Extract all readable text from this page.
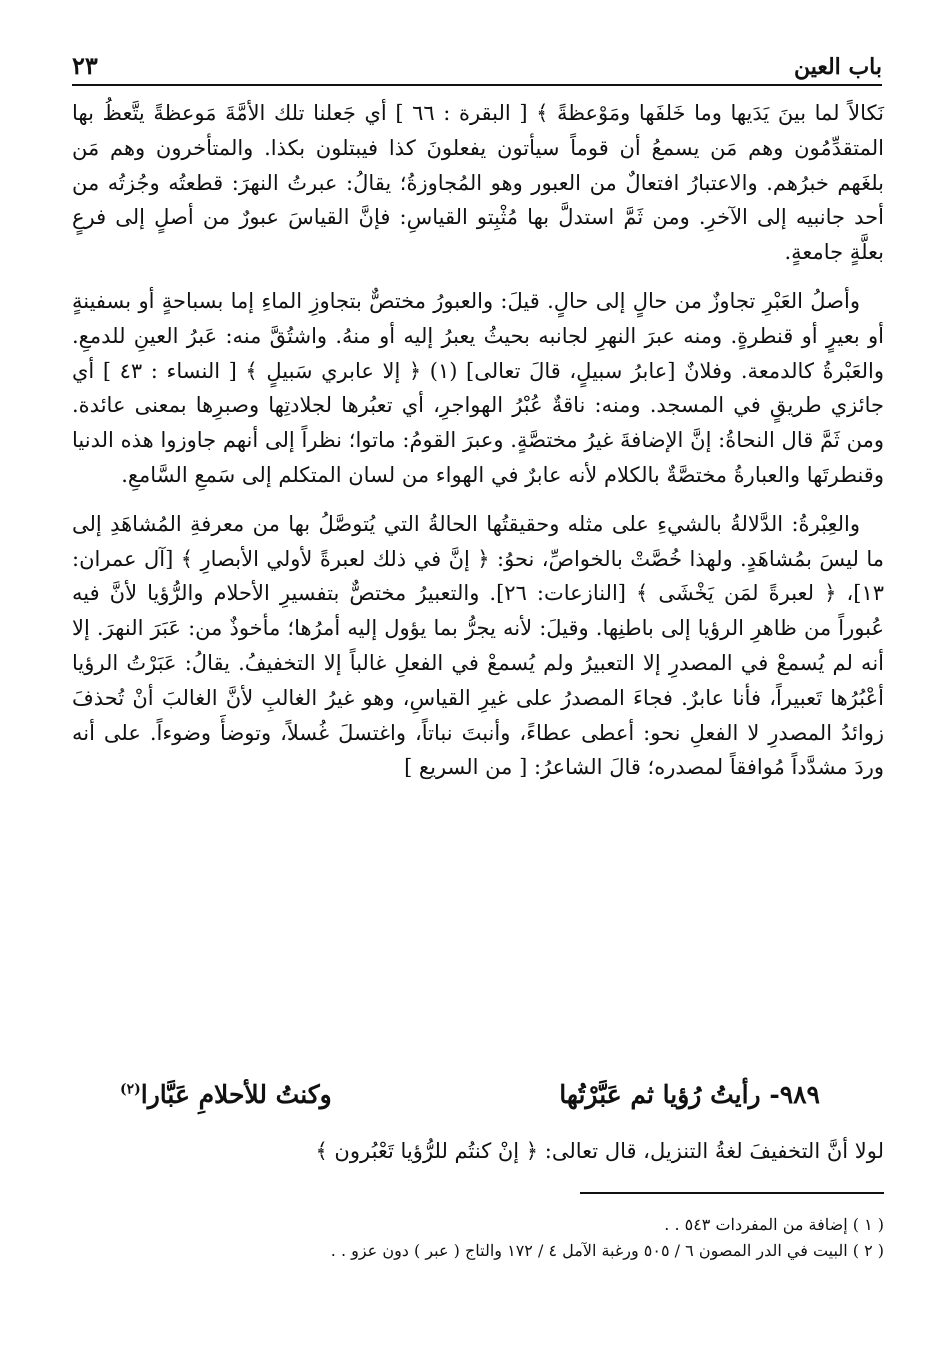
باب العين
٢٣

نَكالاً لما بينَ يَدَيها وما خَلفَها ومَوْعظةً ﴾ [ البقرة : ٦٦ ] أي جَعلنا تلك الأمَّةَ مَوعظةً يتَّعظُ بها المتقدِّمُون وهم مَن يسمعُ أن قوماً سيأتون يفعلونَ كذا فيبتلون بكذا. والمتأخرون وهم مَن بلغَهم خبرُهم. والاعتبارُ افتعالٌ من العبور وهو المُجاوزةُ؛ يقالُ: عبرتُ النهرَ: قطعتُه وجُزتُه من أحد جانبيه إلى الآخرِ. ومن ثَمَّ استدلَّ بها مُثْبِتو القياسِ: فإنَّ القياسَ عبورٌ من أصلٍ إلى فرعٍ بعلَّةٍ جامعةٍ.

وأصلُ العَبْرِ تجاوزٌ من حالٍ إلى حالٍ. قيلَ: والعبورُ مختصٌّ بتجاوزِ الماءِ إما بسباحةٍ أو بسفينةٍ أو بعيرٍ أو قنطرةٍ. ومنه عبرَ النهرِ لجانبه بحيثُ يعبرُ إليه أو منهُ. واشتُقَّ منه: عَبرُ العينِ للدمعِ. والعَبْرةُ كالدمعة. وفلانٌ [عابرُ سبيلٍ، قالَ تعالى] (١) ﴿ إلا عابري سَبيلٍ ﴾ [ النساء : ٤٣ ] أي جائزي طريقٍ في المسجد. ومنه: ناقةٌ عُبْرُ الهواجرِ، أي تعبُرها لجلادتِها وصبرِها بمعنى عائدة. ومن ثَمَّ قال النحاةُ: إنَّ الإضافةَ غيرُ مختصَّةٍ. وعبرَ القومُ: ماتوا؛ نظراً إلى أنهم جاوزوا هذه الدنيا وقنطرتَها والعبارةُ مختصَّةٌ بالكلام لأنه عابرٌ في الهواء من لسان المتكلم إلى سَمعِ السَّامعِ.

والعِبْرةُ: الدَّلالةُ بالشيءِ على مثله وحقيقتُها الحالةُ التي يُتوصَّلُ بها من معرفةِ المُشاهَدِ إلى ما ليسَ بمُشاهَدٍ. ولهذا خُصَّتْ بالخواصِّ، نحوُ: ﴿ إنَّ في ذلك لعبرةً لأولي الأبصارِ ﴾ [آل عمران: ١٣]، ﴿ لعبرةً لمَن يَخْشَى ﴾ [النازعات: ٢٦]. والتعبيرُ مختصٌّ بتفسيرِ الأحلام والرُّؤيا لأنَّ فيه عُبوراً من ظاهرِ الرؤيا إلى باطنِها. وقيلَ: لأنه يجرُّ بما يؤول إليه أمرُها؛ مأخوذٌ من: عَبَرَ النهرَ. إلا أنه لم يُسمعْ في المصدرِ إلا التعبيرُ ولم يُسمعْ في الفعلِ غالباً إلا التخفيفُ. يقالُ: عَبَرْتُ الرؤيا أعْبُرُها تَعبيراً، فأنا عابرٌ. فجاءَ المصدرُ على غيرِ القياسِ، وهو غيرُ الغالبِ لأنَّ الغالبَ أنْ تُحذفَ زوائدُ المصدرِ لا الفعلِ نحو: أعطى عطاءً، وأنبتَ نباتاً، واغتسلَ غُسلاً، وتوضأَ وضوءاً. على أنه وردَ مشدَّداً مُوافقاً لمصدره؛ قالَ الشاعرُ: [ من السريع ]

٩٨٩- رأيتُ رُؤيا ثم عَبَّرْتُها
وكنتُ للأحلامِ عَبَّارا$^{(٢)}$
لولا أنَّ التخفيفَ لغةُ التنزيل، قال تعالى: ﴿ إنْ كنتُم للرُّؤيا تَعْبُرون ﴾
( ١ ) إضافة من المفردات ٥٤٣ . .
( ٢ ) البيت في الدر المصون ٦ / ٥٠٥ ورغبة الآمل ٤ / ١٧٢ والتاج ( عبر ) دون عزو . .
